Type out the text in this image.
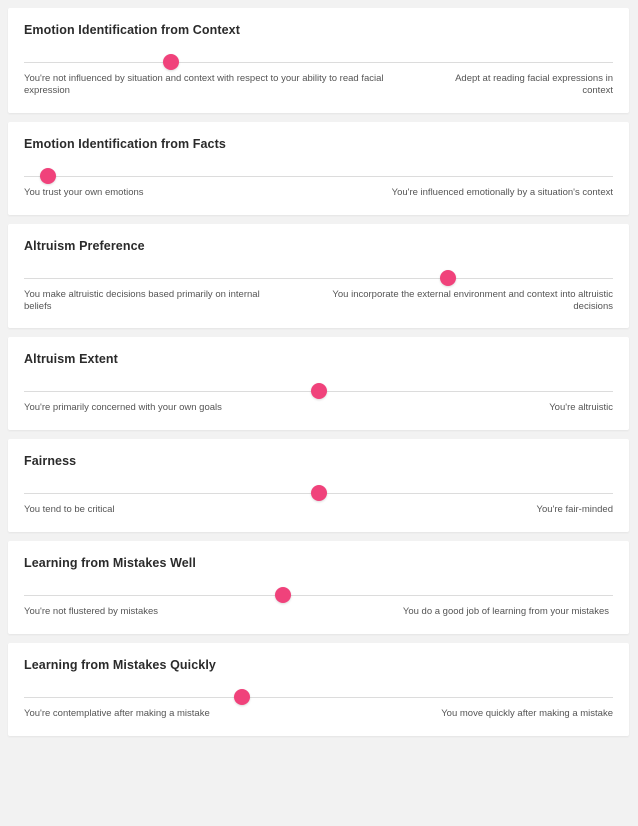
Emotion Identification from Context
You're not influenced by situation and context with respect to your ability to read facial expression
Adept at reading facial expressions in context
Emotion Identification from Facts
You trust your own emotions	You're influenced emotionally by a situation's context
Altruism Preference
You make altruistic decisions based primarily on internal beliefs
You incorporate the external environment and context into altruistic decisions
Altruism Extent
You're primarily concerned with your own goals	You're altruistic
Fairness
You tend to be critical	You're fair-minded
Learning from Mistakes Well
You're not flustered by mistakes	You do a good job of learning from your mistakes
Learning from Mistakes Quickly
You're contemplative after making a mistake	You move quickly after making a mistake
